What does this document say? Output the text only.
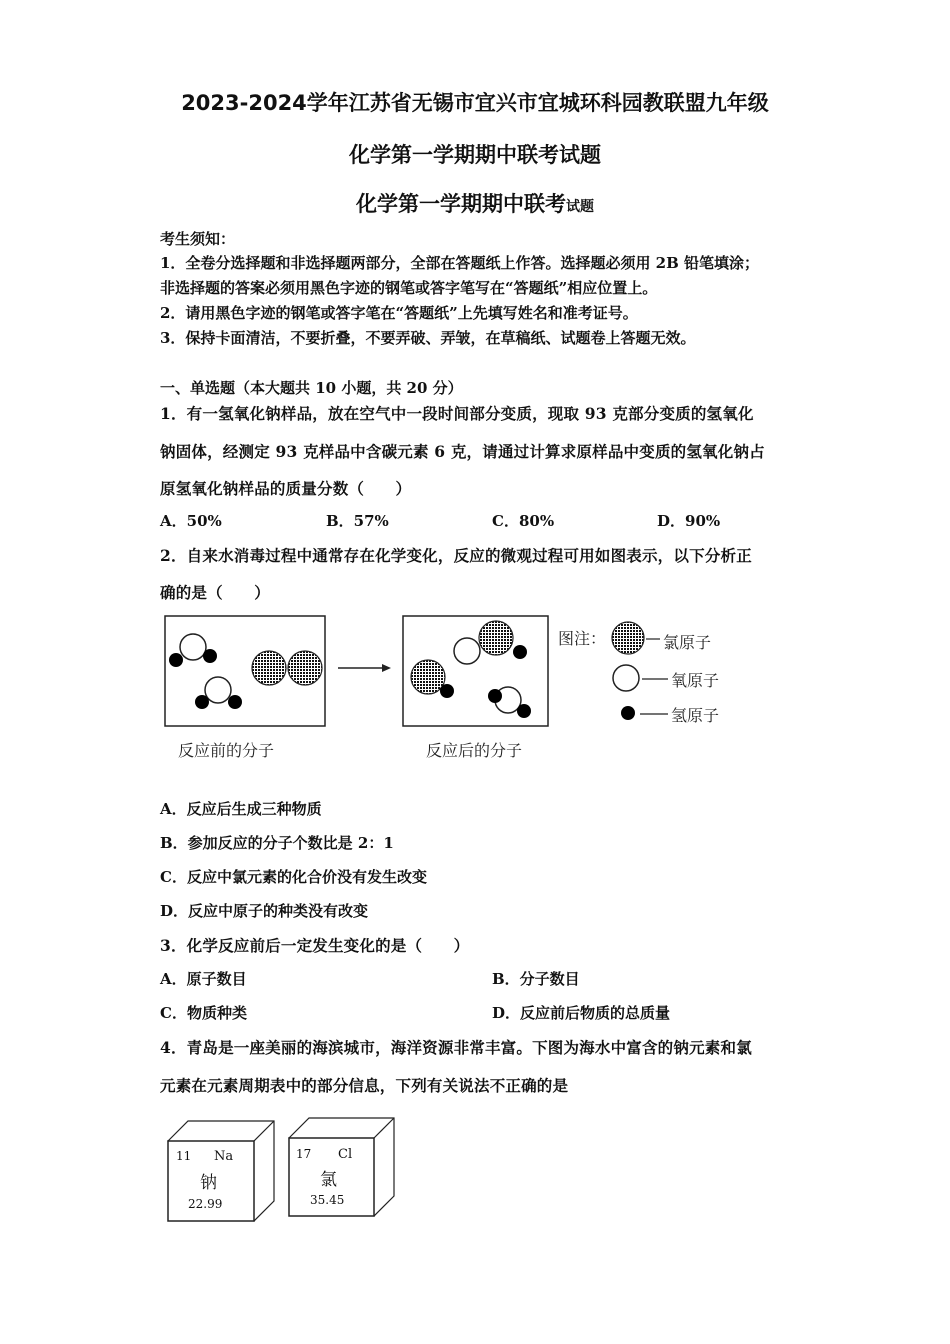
2023-2024学年江苏省无锡市宜兴市宜城环科园教联盟九年级
化学第一学期期中联考试题
化学第一学期期中联考试题
考生须知：
1．全卷分选择题和非选择题两部分，全部在答题纸上作答。选择题必须用 2B 铅笔填涂；
非选择题的答案必须用黑色字迹的钢笔或答字笔写在“答题纸”相应位置上。
2．请用黑色字迹的钢笔或答字笔在“答题纸”上先填写姓名和准考证号。
3．保持卡面清洁，不要折叠，不要弄破、弄皱，在草稿纸、试题卷上答题无效。
一、单选题（本大题共 10 小题，共 20 分）
1．有一氢氧化钠样品，放在空气中一段时间部分变质，现取 93 克部分变质的氢氧化
钠固体，经测定 93 克样品中含碳元素 6 克，请通过计算求原样品中变质的氢氧化钠占
原氢氧化钠样品的质量分数（　　）
A．50%	B．57%	C．80%	D．90%
2．自来水消毒过程中通常存在化学变化，反应的微观过程可用如图表示，以下分析正
确的是（　　）
图注：	氯原子
氧原子
氢原子
反应前的分子	反应后的分子
A．反应后生成三种物质
B．参加反应的分子个数比是 2：1
C．反应中氯元素的化合价没有发生改变
D．反应中原子的种类没有改变
3．化学反应前后一定发生变化的是（　　）
A．原子数目	B．分子数目
C．物质种类	D．反应前后物质的总质量
4．青岛是一座美丽的海滨城市，海洋资源非常丰富。下图为海水中富含的钠元素和氯
元素在元素周期表中的部分信息，下列有关说法不正确的是
11 Na
钠
22.99
17 Cl
氯
35.45
